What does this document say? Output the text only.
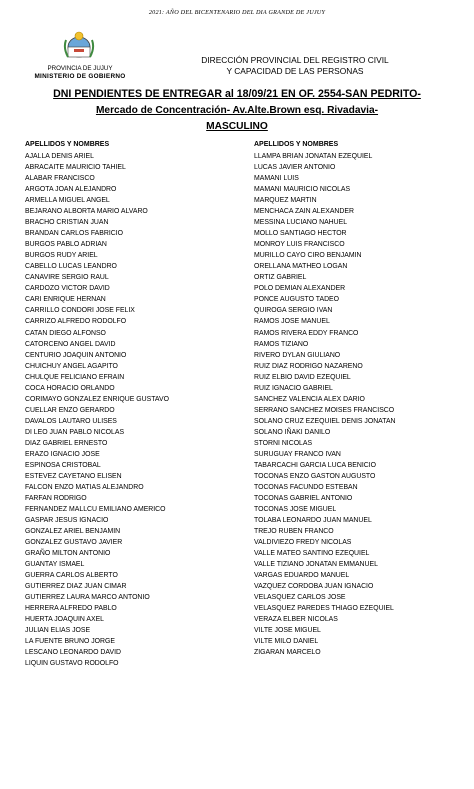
2021: AÑO DEL BICENTENARIO DEL DIA GRANDE DE JUJUY
PROVINCIA DE JUJUY
MINISTERIO DE GOBIERNO
DIRECCIÓN PROVINCIAL DEL REGISTRO CIVIL
Y CAPACIDAD DE LAS PERSONAS
DNI PENDIENTES DE ENTREGAR al 18/09/21 EN OF. 2554-SAN PEDRITO-
Mercado de Concentración- Av.Alte.Brown esq. Rivadavia-
MASCULINO
APELLIDOS Y NOMBRES
AJALLA DENIS ARIEL
ABRACAITE MAURICIO TAHIEL
ALABAR FRANCISCO
ARGOTA JOAN ALEJANDRO
ARMELLA MIGUEL ANGEL
BEJARANO ALBORTA MARIO ALVARO
BRACHO CRISTIAN JUAN
BRANDAN CARLOS FABRICIO
BURGOS PABLO ADRIAN
BURGOS RUDY ARIEL
CABELLO LUCAS LEANDRO
CANAVIRE SERGIO RAUL
CARDOZO VICTOR DAVID
CARI ENRIQUE HERNAN
CARRILLO CONDORI JOSE FELIX
CARRIZO ALFREDO RODOLFO
CATAN DIEGO ALFONSO
CATORCENO ANGEL DAVID
CENTURIO JOAQUIN ANTONIO
CHUICHUY ANGEL AGAPITO
CHULQUE FELICIANO EFRAIN
COCA HORACIO ORLANDO
CORIMAYO GONZALEZ ENRIQUE GUSTAVO
CUELLAR ENZO GERARDO
DAVALOS LAUTARO ULISES
DI LEO JUAN PABLO NICOLAS
DIAZ GABRIEL ERNESTO
ERAZO IGNACIO JOSE
ESPINOSA CRISTOBAL
ESTEVEZ CAYETANO ELISEN
FALCON ENZO MATIAS ALEJANDRO
FARFAN RODRIGO
FERNANDEZ MALLCU EMILIANO AMERICO
GASPAR JESUS IGNACIO
GONZALEZ ARIEL BENJAMIN
GONZALEZ GUSTAVO JAVIER
GRAÑO MILTON ANTONIO
GUANTAY ISMAEL
GUERRA CARLOS ALBERTO
GUTIERREZ DIAZ JUAN CIMAR
GUTIERREZ LAURA MARCO ANTONIO
HERRERA ALFREDO PABLO
HUERTA JOAQUIN AXEL
JULIAN ELIAS JOSE
LA FUENTE BRUNO JORGE
LESCANO LEONARDO DAVID
LIQUIN GUSTAVO RODOLFO
APELLIDOS Y NOMBRES
LLAMPA BRIAN JONATAN EZEQUIEL
LUCAS JAVIER ANTONIO
MAMANI LUIS
MAMANI MAURICIO NICOLAS
MARQUEZ MARTIN
MENCHACA ZAIN ALEXANDER
MESSINA LUCIANO NAHUEL
MOLLO SANTIAGO HECTOR
MONROY LUIS FRANCISCO
MURILLO CAYO CIRO BENJAMIN
ORELLANA MATHEO LOGAN
ORTIZ GABRIEL
POLO DEMIAN ALEXANDER
PONCE AUGUSTO TADEO
QUIROGA SERGIO IVAN
RAMOS JOSE MANUEL
RAMOS RIVERA EDDY FRANCO
RAMOS TIZIANO
RIVERO DYLAN GIULIANO
RUIZ DIAZ RODRIGO NAZARENO
RUIZ ELBIO DAVID EZEQUIEL
RUIZ IGNACIO GABRIEL
SANCHEZ VALENCIA ALEX DARIO
SERRANO SANCHEZ MOISES FRANCISCO
SOLANO CRUZ EZEQUIEL DENIS JONATAN
SOLANO IÑAKI DANILO
STORNI NICOLAS
SURUGUAY FRANCO IVAN
TABARCACHI GARCIA LUCA BENICIO
TOCONAS ENZO GASTON AUGUSTO
TOCONAS FACUNDO ESTEBAN
TOCONAS GABRIEL ANTONIO
TOCONAS JOSE MIGUEL
TOLABA LEONARDO JUAN MANUEL
TREJO RUBEN FRANCO
VALDIVIEZO FREDY NICOLAS
VALLE MATEO SANTINO EZEQUIEL
VALLE TIZIANO JONATAN EMMANUEL
VARGAS EDUARDO MANUEL
VAZQUEZ CORDOBA JUAN IGNACIO
VELASQUEZ CARLOS JOSE
VELASQUEZ PAREDES THIAGO EZEQUIEL
VERAZA ELBER NICOLAS
VILTE JOSE MIGUEL
VILTE MILO DANIEL
ZIGARAN MARCELO
